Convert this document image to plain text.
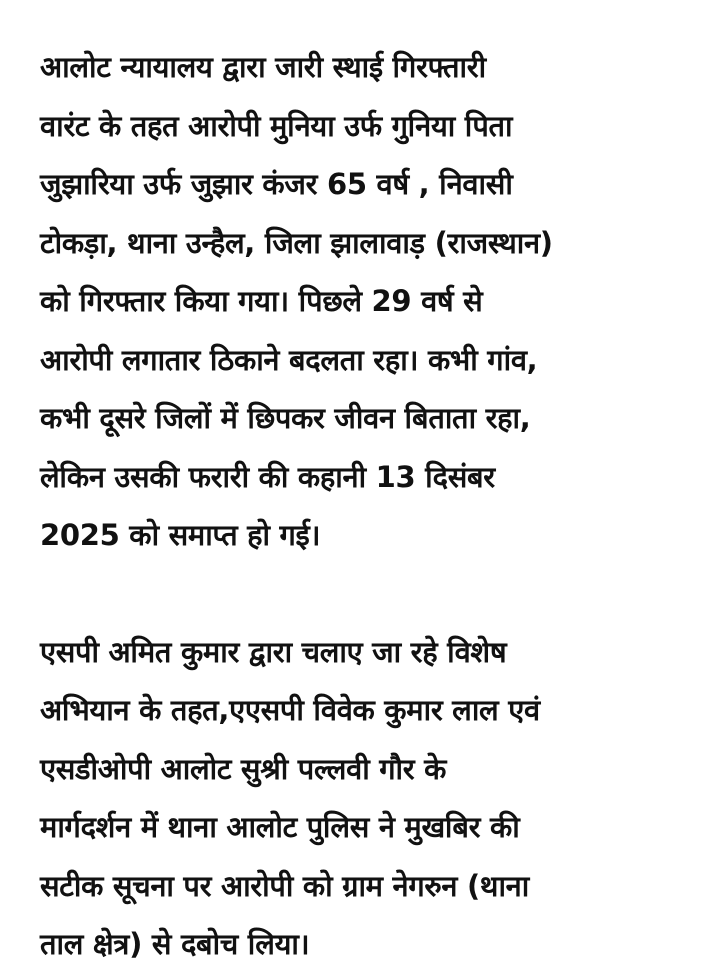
आलोट न्यायालय द्वारा जारी स्थाई गिरफ्तारी
वारंट के तहत आरोपी मुनिया उर्फ गुनिया पिता
जुझारिया उर्फ जुझार कंजर 65 वर्ष , निवासी
टोकड़ा, थाना उन्हैल, जिला झालावाड़ (राजस्थान)
को गिरफ्तार किया गया। पिछले 29 वर्ष से
आरोपी लगातार ठिकाने बदलता रहा। कभी गांव,
कभी दूसरे जिलों में छिपकर जीवन बिताता रहा,
लेकिन उसकी फरारी की कहानी 13 दिसंबर
2025 को समाप्त हो गई।

एसपी अमित कुमार द्वारा चलाए जा रहे विशेष
अभियान के तहत,एएसपी विवेक कुमार लाल एवं
एसडीओपी आलोट सुश्री पल्लवी गौर के
मार्गदर्शन में थाना आलोट पुलिस ने मुखबिर की
सटीक सूचना पर आरोपी को ग्राम नेगरुन (थाना
ताल क्षेत्र) से दबोच लिया।
